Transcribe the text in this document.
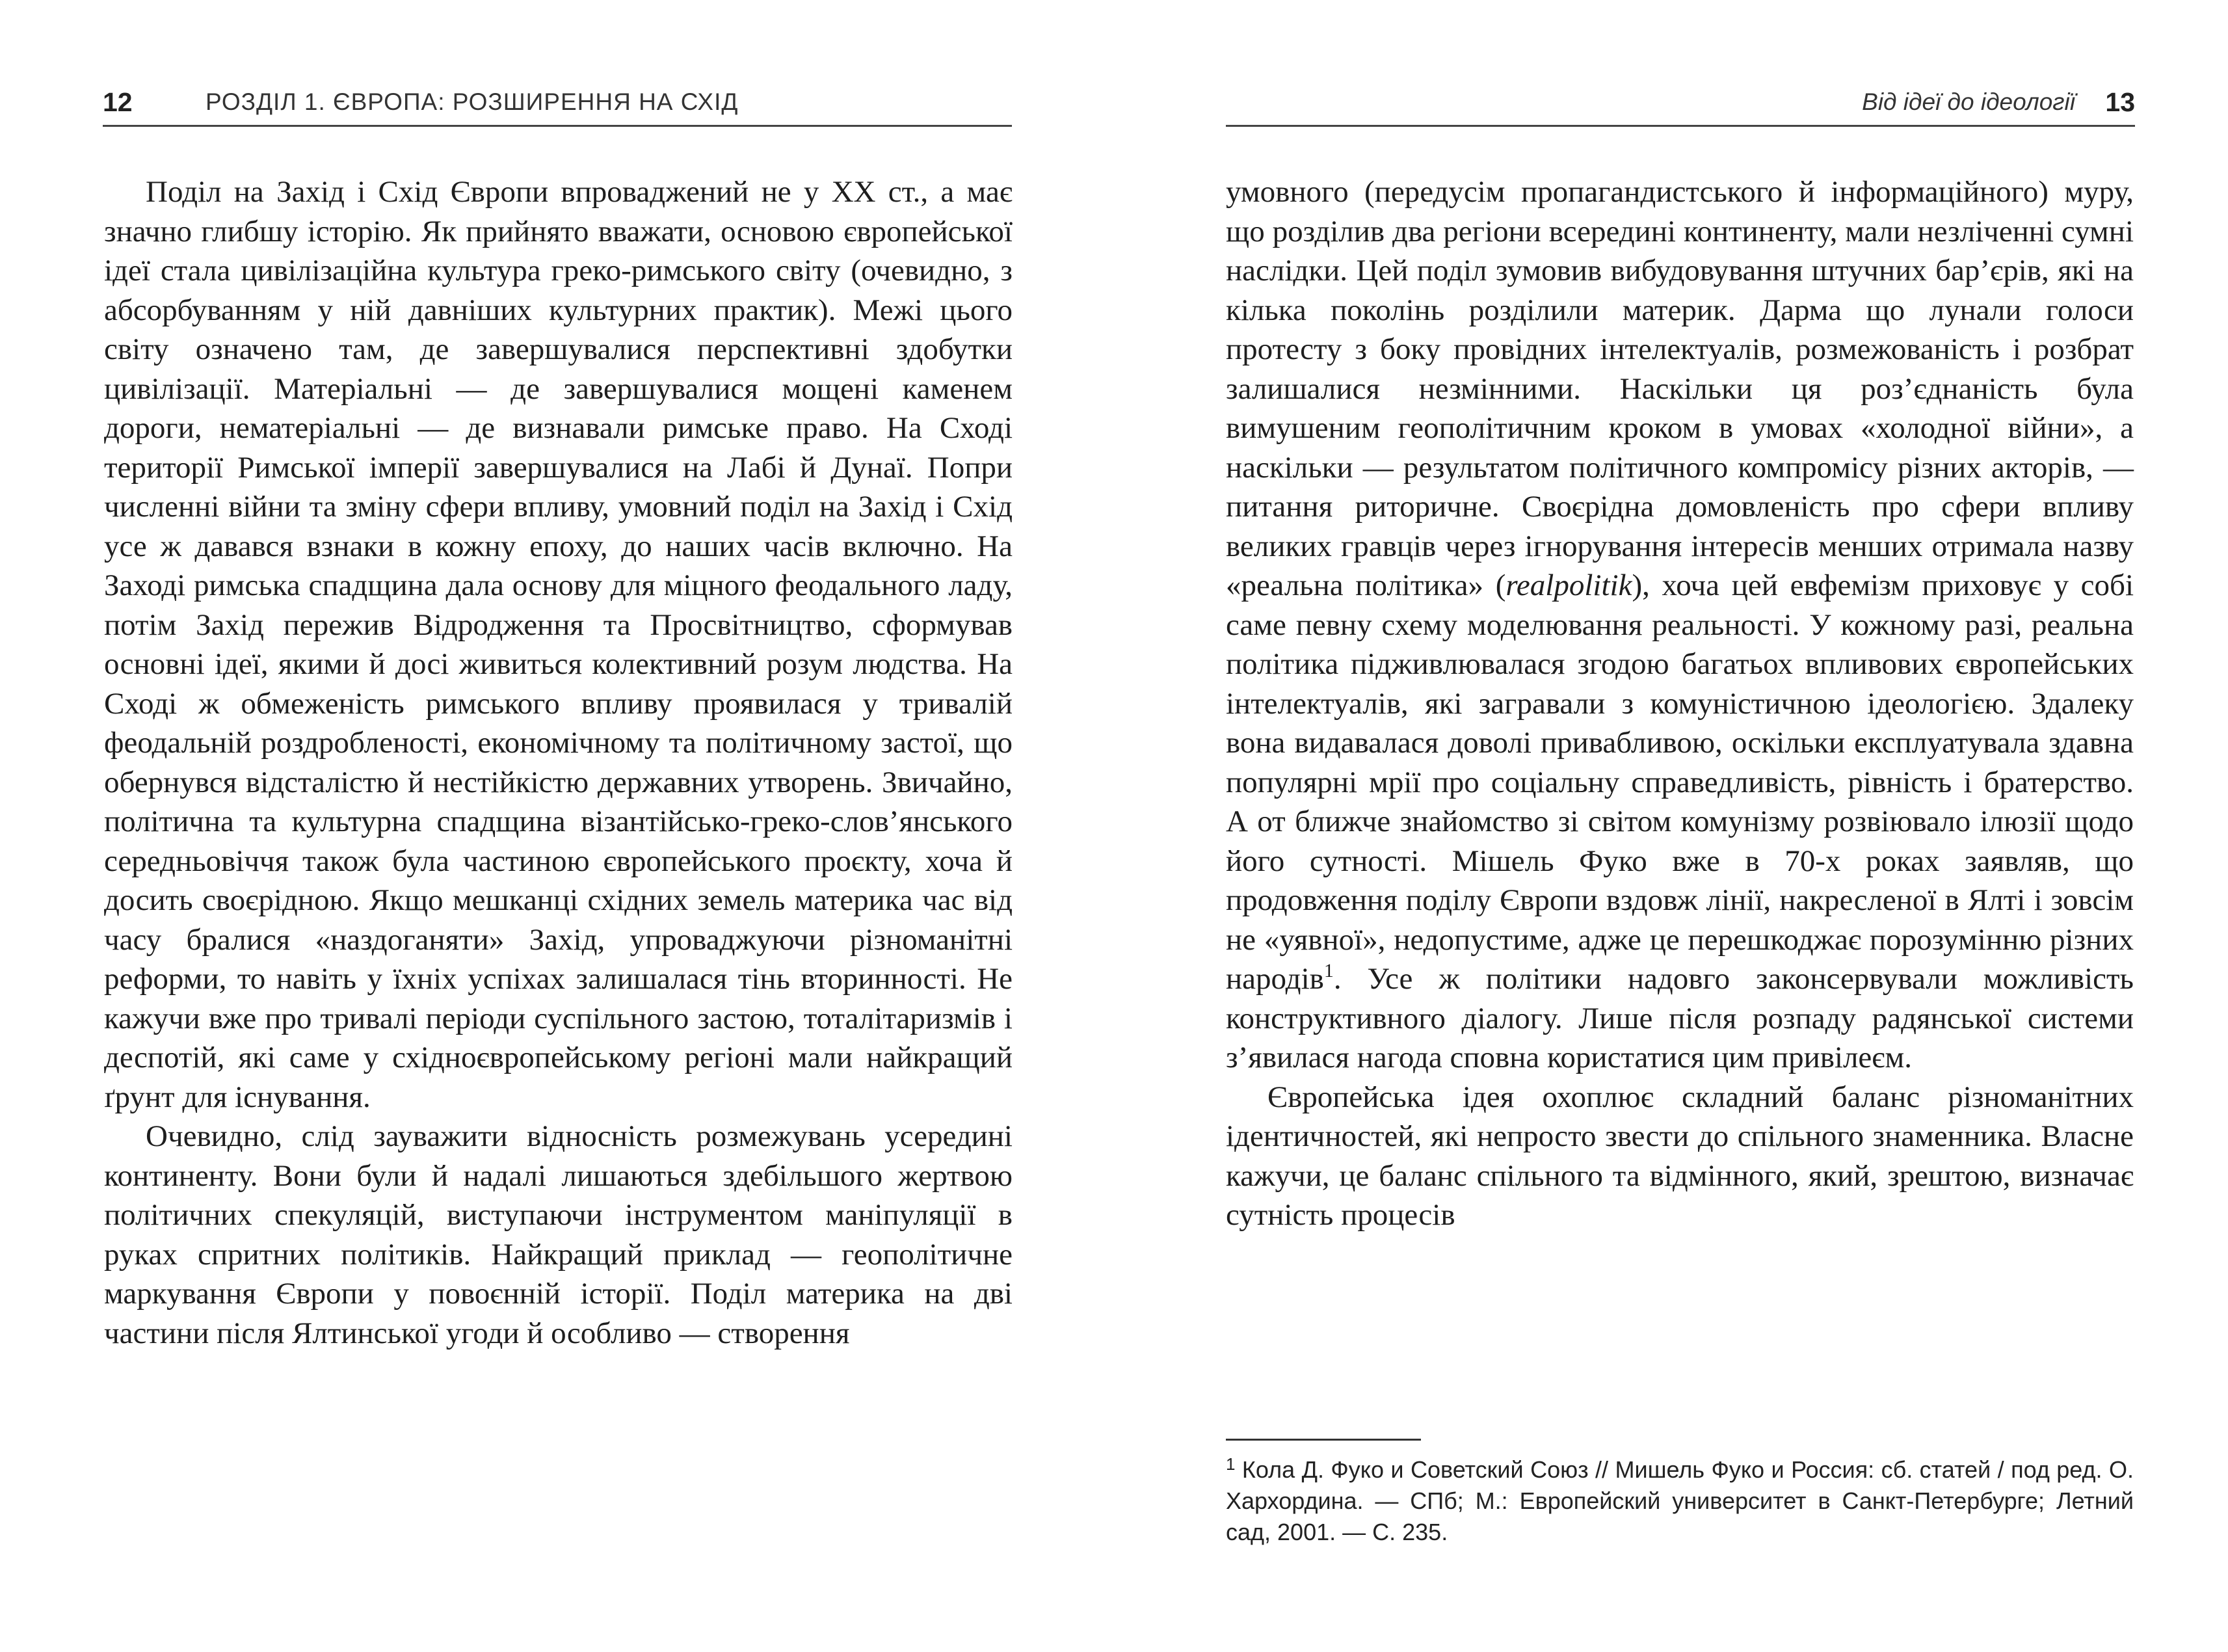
12	РОЗДІЛ 1. ЄВРОПА: РОЗШИРЕННЯ НА СХІД

Поділ на Захід і Схід Європи впроваджений не у ХХ ст., а має значно глибшу історію. Як прийнято вважати, основою європейської ідеї стала цивілізаційна культура греко-римського світу (очевидно, з абсорбуванням у ній давніших культурних практик). Межі цього світу означено там, де завершувалися перспективні здобутки цивілізації. Матеріальні — де завершувалися мощені каменем дороги, нематеріальні — де визнавали римське право. На Сході території Римської імперії завершувалися на Лабі й Дунаї. Попри численні війни та зміну сфери впливу, умовний поділ на Захід і Схід усе ж давався взнаки в кожну епоху, до наших часів включно. На Заході римська спадщина дала основу для міцного феодального ладу, потім Захід пережив Відродження та Просвітництво, сформував основні ідеї, якими й досі живиться колективний розум людства. На Сході ж обмеженість римського впливу проявилася у тривалій феодальній роздробленості, економічному та політичному застої, що обернувся відсталістю й нестійкістю державних утворень. Звичайно, політична та культурна спадщина візантійсько-греко-слов’янського середньовіччя також була частиною європейського проєкту, хоча й досить своєрідною. Якщо мешканці східних земель материка час від часу бралися «наздоганяти» Захід, упроваджуючи різноманітні реформи, то навіть у їхніх успіхах залишалася тінь вторинності. Не кажучи вже про тривалі періоди суспільного застою, тоталітаризмів і деспотій, які саме у східноєвропейському регіоні мали найкращий ґрунт для існування.

Очевидно, слід зауважити відносність розмежувань усередині континенту. Вони були й надалі лишаються здебільшого жертвою політичних спекуляцій, виступаючи інструментом маніпуляції в руках спритних політиків. Найкращий приклад — геополітичне маркування Європи у повоєнній історії. Поділ материка на дві частини після Ялтинської угоди й особливо — створення

Від ідеї до ідеології 13

умовного (передусім пропагандистського й інформаційного) муру, що розділив два регіони всередині континенту, мали незліченні сумні наслідки. Цей поділ зумовив вибудовування штучних бар’єрів, які на кілька поколінь розділили материк. Дарма що лунали голоси протесту з боку провідних інтелектуалів, розмежованість і розбрат залишалися незмінними. Наскільки ця роз’єднаність була вимушеним геополітичним кроком в умовах «холодної війни», а наскільки — результатом політичного компромісу різних акторів, — питання риторичне. Своєрідна домовленість про сфери впливу великих гравців через ігнорування інтересів менших отримала назву «реальна політика» (realpolitik), хоча цей евфемізм приховує у собі саме певну схему моделювання реальності. У кожному разі, реальна політика підживлювалася згодою багатьох впливових європейських інтелектуалів, які загравали з комуністичною ідеологією. Здалеку вона видавалася доволі привабливою, оскільки експлуатувала здавна популярні мрії про соціальну справедливість, рівність і братерство. А от ближче знайомство зі світом комунізму розвіювало ілюзії щодо його сутності. Мішель Фуко вже в 70-х роках заявляв, що продовження поділу Європи вздовж лінії, накресленої в Ялті і зовсім не «уявної», недопустиме, адже це перешкоджає порозумінню різних народів$^1$. Усе ж політики надовго законсервували можливість конструктивного діалогу. Лише після розпаду радянської системи з’явилася нагода сповна користатися цим привілеєм.

Європейська ідея охоплює складний баланс різноманітних ідентичностей, які непросто звести до спільного знаменника. Власне кажучи, це баланс спільного та відмінного, який, зрештою, визначає сутність процесів

$^1$ Кола Д. Фуко и Советский Союз // Мишель Фуко и Россия: сб. статей / под ред. О. Хархордина. — СПб; М.: Европейский университет в Санкт-Петербурге; Летний сад, 2001. — С. 235.
